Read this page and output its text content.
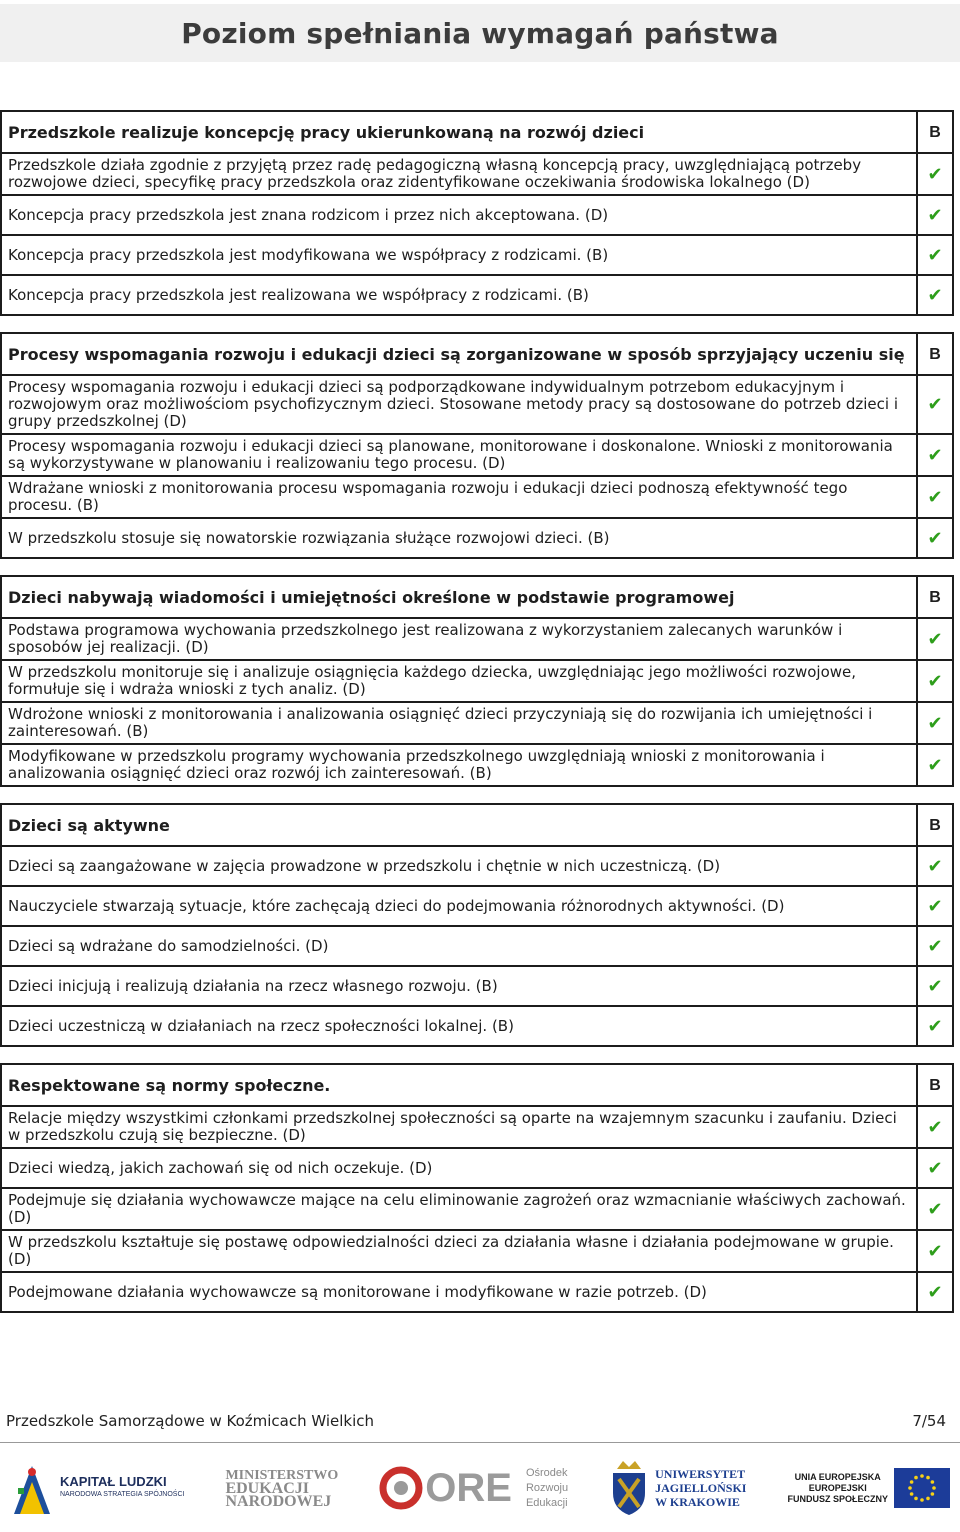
Poziom spełniania wymagań państwa
Przedszkole realizuje koncepcję pracy ukierunkowaną na rozwój dzieci	B
Przedszkole działa zgodnie z przyjętą przez radę pedagogiczną własną koncepcją pracy, uwzględniającą potrzeby rozwojowe dzieci, specyfikę pracy przedszkola oraz zidentyfikowane oczekiwania środowiska lokalnego (D)	✔
Koncepcja pracy przedszkola jest znana rodzicom i przez nich akceptowana. (D)	✔
Koncepcja pracy przedszkola jest modyfikowana we współpracy z rodzicami. (B)	✔
Koncepcja pracy przedszkola jest realizowana we współpracy z rodzicami. (B)	✔
Procesy wspomagania rozwoju i edukacji dzieci są zorganizowane w sposób sprzyjający uczeniu się	B
Procesy wspomagania rozwoju i edukacji dzieci są podporządkowane indywidualnym potrzebom edukacyjnym i rozwojowym oraz możliwościom psychofizycznym dzieci. Stosowane metody pracy są dostosowane do potrzeb dzieci i grupy przedszkolnej (D)	✔
Procesy wspomagania rozwoju i edukacji dzieci są planowane, monitorowane i doskonalone. Wnioski z monitorowania są wykorzystywane w planowaniu i realizowaniu tego procesu. (D)	✔
Wdrażane wnioski z monitorowania procesu wspomagania rozwoju i edukacji dzieci podnoszą efektywność tego procesu. (B)	✔
W przedszkolu stosuje się nowatorskie rozwiązania służące rozwojowi dzieci. (B)	✔
Dzieci nabywają wiadomości i umiejętności określone w podstawie programowej	B
Podstawa programowa wychowania przedszkolnego jest realizowana z wykorzystaniem zalecanych warunków i sposobów jej realizacji. (D)	✔
W przedszkolu monitoruje się i analizuje osiągnięcia każdego dziecka, uwzględniając jego możliwości rozwojowe, formułuje się i wdraża wnioski z tych analiz. (D)	✔
Wdrożone wnioski z monitorowania i analizowania osiągnięć dzieci przyczyniają się do rozwijania ich umiejętności i zainteresowań. (B)	✔
Modyfikowane w przedszkolu programy wychowania przedszkolnego uwzględniają wnioski z monitorowania i analizowania osiągnięć dzieci oraz rozwój ich zainteresowań. (B)	✔
Dzieci są aktywne	B
Dzieci są zaangażowane w zajęcia prowadzone w przedszkolu i chętnie w nich uczestniczą. (D)	✔
Nauczyciele stwarzają sytuacje, które zachęcają dzieci do podejmowania różnorodnych aktywności. (D)	✔
Dzieci są wdrażane do samodzielności. (D)	✔
Dzieci inicjują i realizują działania na rzecz własnego rozwoju. (B)	✔
Dzieci uczestniczą w działaniach na rzecz społeczności lokalnej. (B)	✔
Respektowane są normy społeczne.	B
Relacje między wszystkimi członkami przedszkolnej społeczności są oparte na wzajemnym szacunku i zaufaniu. Dzieci w przedszkolu czują się bezpieczne. (D)	✔
Dzieci wiedzą, jakich zachowań się od nich oczekuje. (D)	✔
Podejmuje się działania wychowawcze mające na celu eliminowanie zagrożeń oraz wzmacnianie właściwych zachowań. (D)	✔
W przedszkolu kształtuje się postawę odpowiedzialności dzieci za działania własne i działania podejmowane w grupie. (D)	✔
Podejmowane działania wychowawcze są monitorowane i modyfikowane w razie potrzeb. (D)	✔
Przedszkole Samorządowe w Koźmicach Wielkich	7/54
KAPITAŁ LUDZKI
NARODOWA STRATEGIA SPÓJNOŚCI
MINISTERSTWO
EDUKACJI
NARODOWEJ ORE Ośrodek
Rozwoju
Edukacji
UNIWERSYTET
JAGIELLOŃSKI
W KRAKOWIE
UNIA EUROPEJSKA
EUROPEJSKI
FUNDUSZ SPOŁECZNY
